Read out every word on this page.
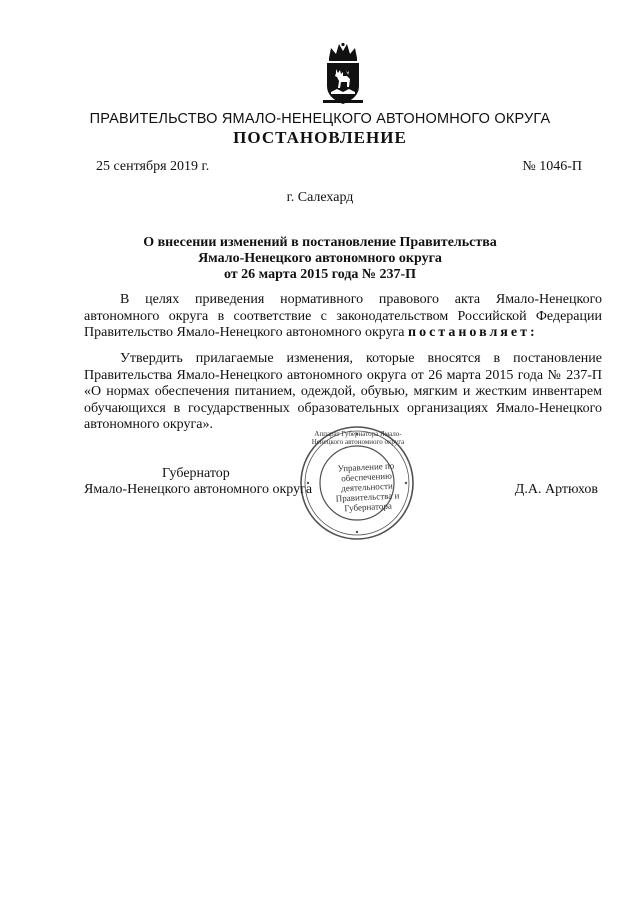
ПРАВИТЕЛЬСТВО ЯМАЛО-НЕНЕЦКОГО АВТОНОМНОГО ОКРУГА
ПОСТАНОВЛЕНИЕ
25 сентября 2019 г.	№ 1046-П
г. Салехард
О внесении изменений в постановление Правительства
Ямало-Ненецкого автономного округа
от 26 марта 2015 года № 237-П
В целях приведения нормативного правового акта Ямало-Ненецкого автономного округа в соответствие с законодательством Российской Федерации Правительство Ямало-Ненецкого автономного округа постановляет:
Утвердить прилагаемые изменения, которые вносятся в постановление Правительства Ямало-Ненецкого автономного округа от 26 марта 2015 года № 237-П «О нормах обеспечения питанием, одеждой, обувью, мягким и жестким инвентарем обучающихся в государственных образовательных организациях Ямало-Ненецкого автономного округа».
Аппарат Губернатора Ямало-Ненецкого автономного округа
Управление по обеспечению деятельности Правительства и Губернатора
Губернатор
Ямало-Ненецкого автономного округа	Д.А. Артюхов
